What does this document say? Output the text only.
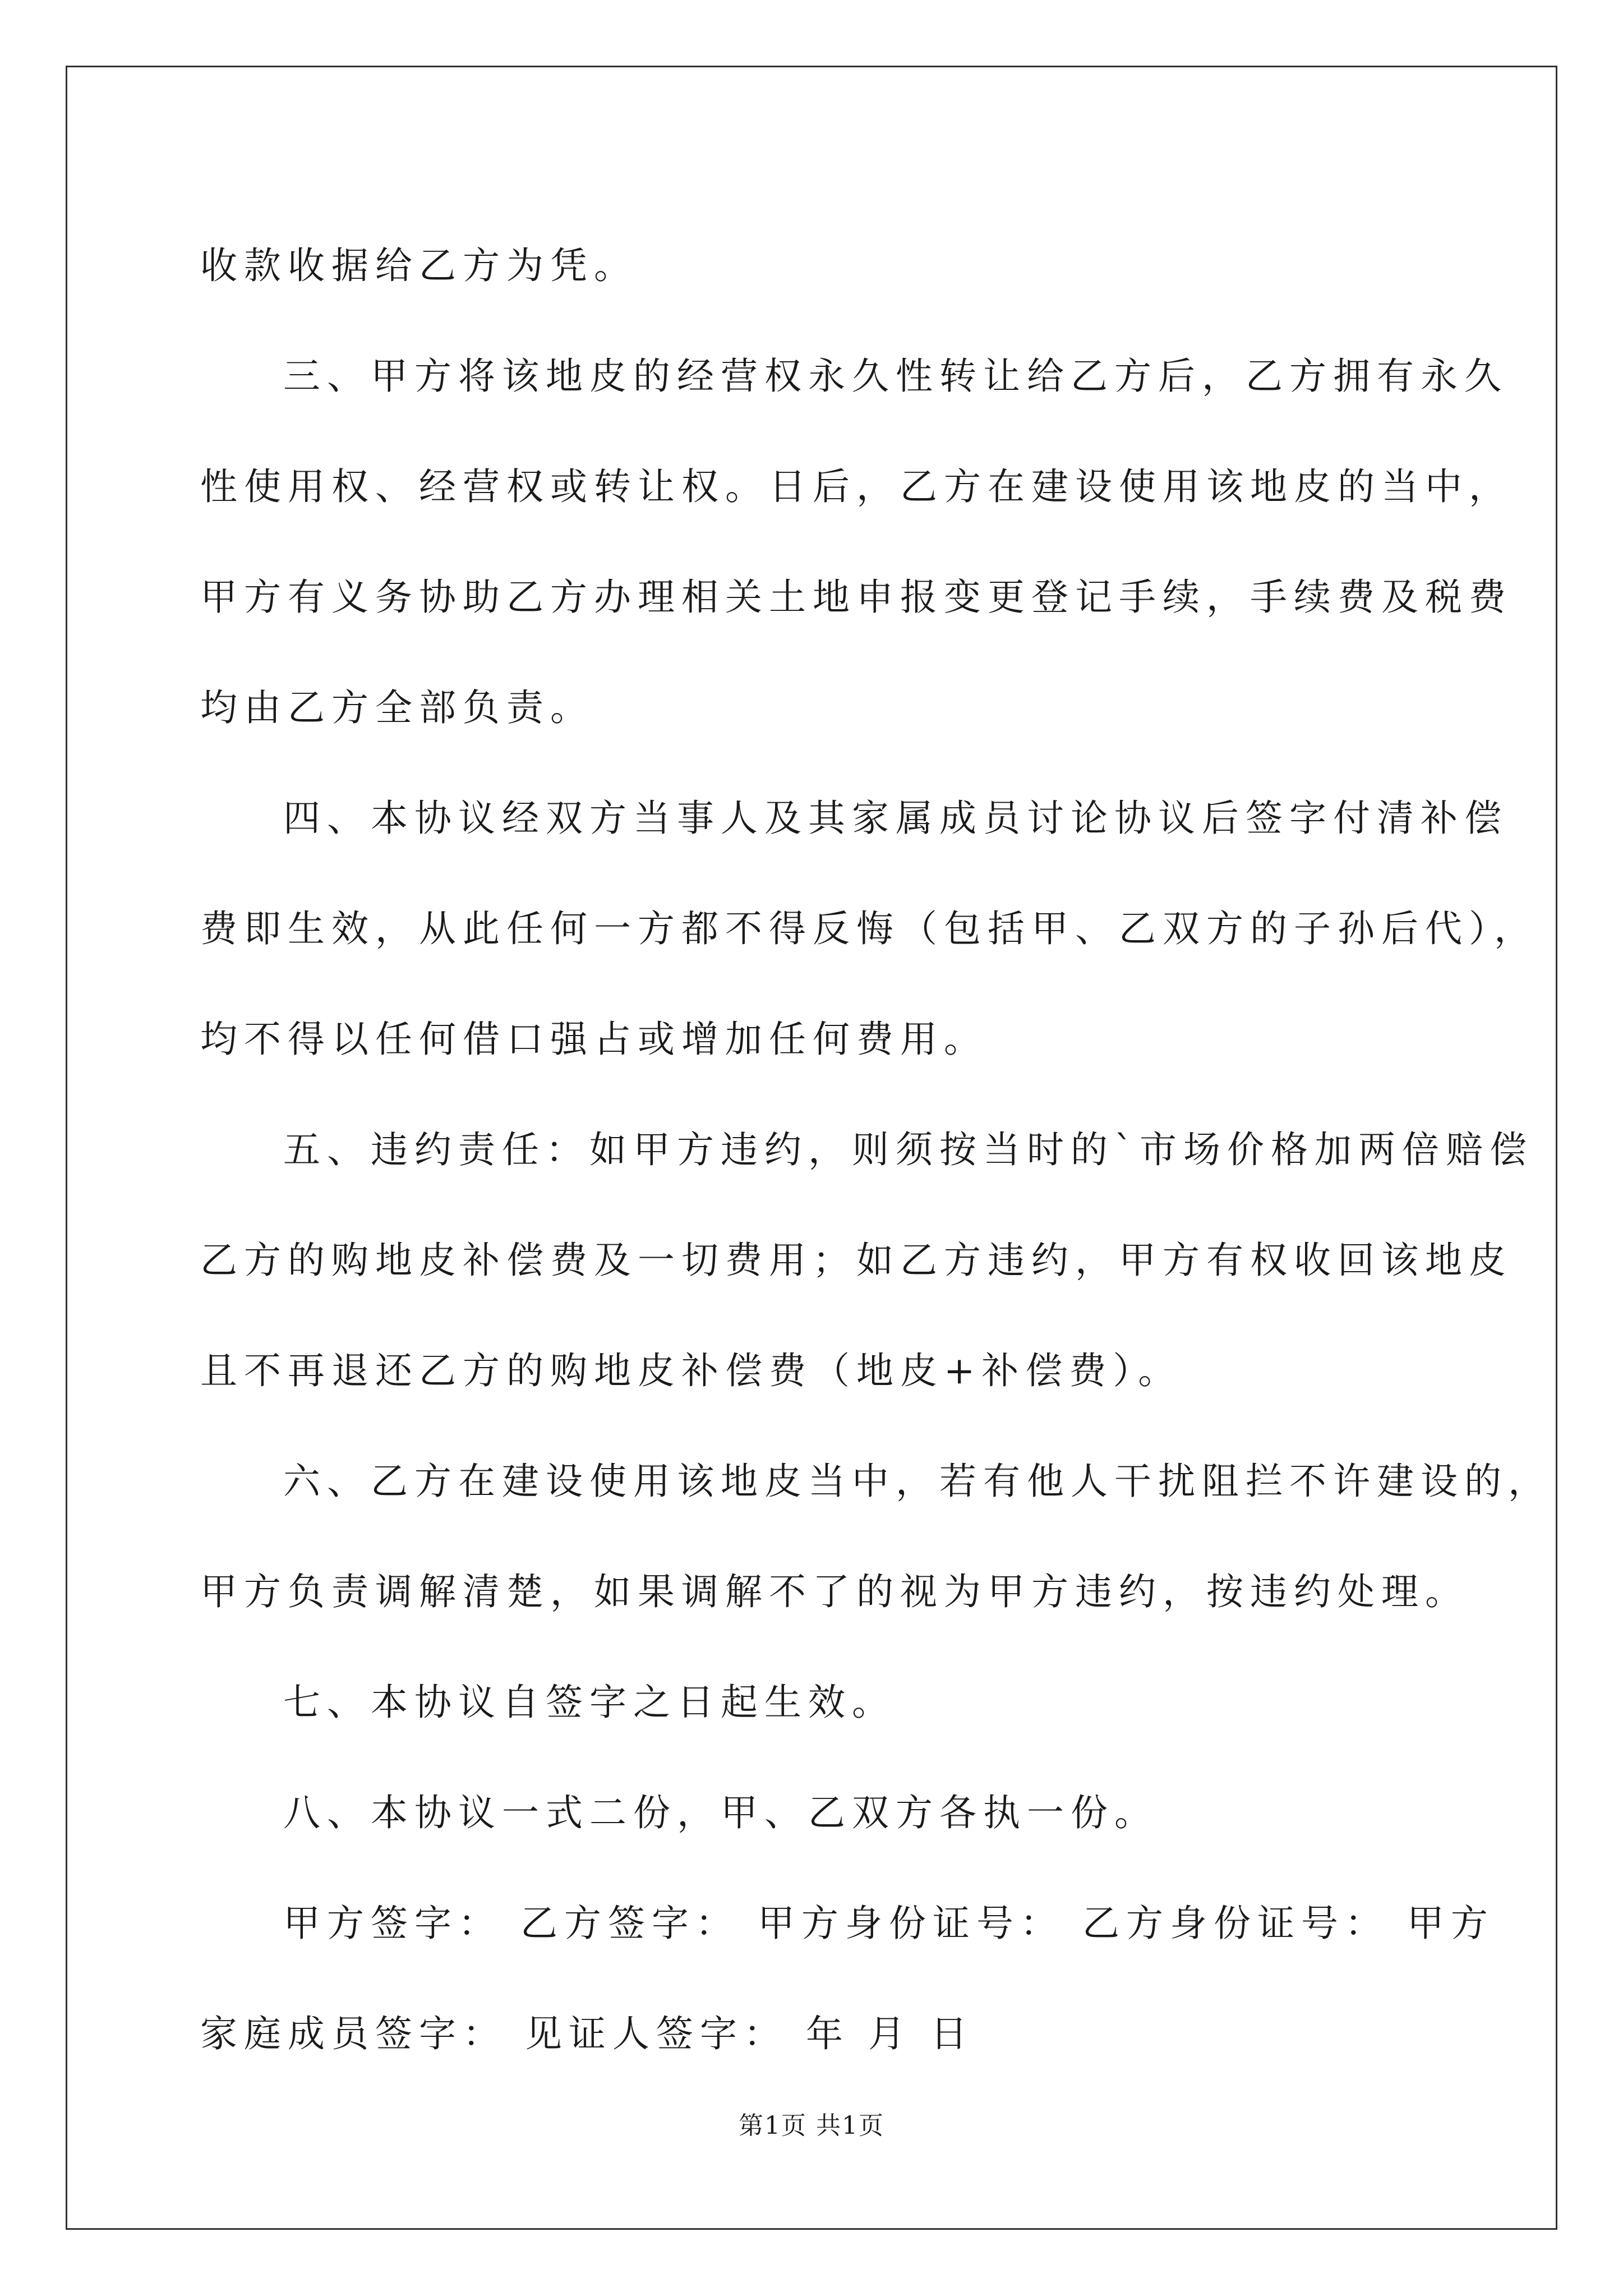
收款收据给乙方为凭。
三、甲方将该地皮的经营权永久性转让给乙方后，乙方拥有永久
性使用权、经营权或转让权。日后，乙方在建设使用该地皮的当中，
甲方有义务协助乙方办理相关土地申报变更登记手续，手续费及税费
均由乙方全部负责。
四、本协议经双方当事人及其家属成员讨论协议后签字付清补偿
费即生效，从此任何一方都不得反悔（包括甲、乙双方的子孙后代），
均不得以任何借口强占或增加任何费用。
五、违约责任：如甲方违约，则须按当时的`市场价格加两倍赔偿
乙方的购地皮补偿费及一切费用；如乙方违约，甲方有权收回该地皮
且不再退还乙方的购地皮补偿费（地皮+补偿费）。
六、乙方在建设使用该地皮当中，若有他人干扰阻拦不许建设的，
甲方负责调解清楚，如果调解不了的视为甲方违约，按违约处理。
七、本协议自签字之日起生效。
八、本协议一式二份，甲、乙双方各执一份。
甲方签字： 乙方签字： 甲方身份证号： 乙方身份证号： 甲方
家庭成员签字： 见证人签字： 年 月 日
第1页 共1页
